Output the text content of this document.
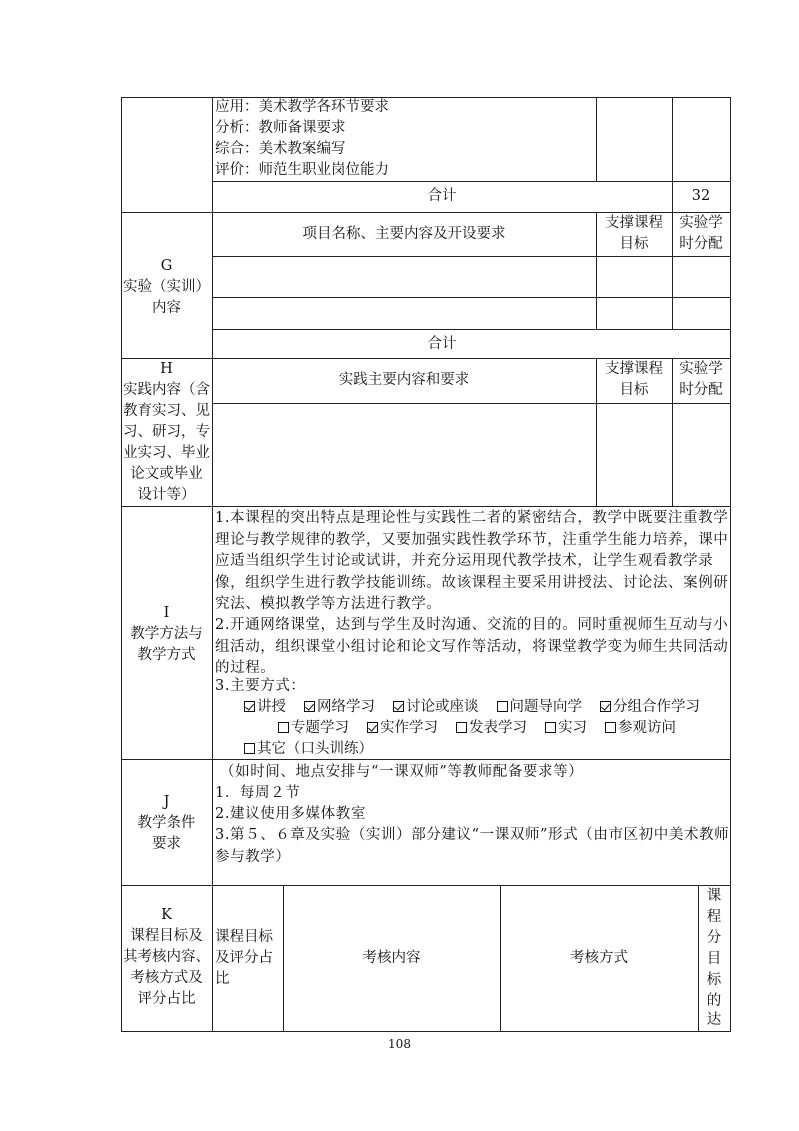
应用：美术教学各环节要求
分析：教师备课要求
综合：美术教案编写
评价：师范生职业岗位能力
合计	32
G
实验（实训）
内容
项目名称、主要内容及开设要求
支撑课程
目标
实验学
时分配
合计
H
实践内容（含
教育实习、见
习、研习，专
业实习、毕业
论文或毕业
设计等）
实践主要内容和要求
支撑课程
目标
实验学
时分配
I
教学方法与
教学方式
1.本课程的突出特点是理论性与实践性二者的紧密结合，教学中既要注重教学理论与教学规律的教学，又要加强实践性教学环节，注重学生能力培养，课中应适当组织学生讨论或试讲，并充分运用现代教学技术，让学生观看教学录像，组织学生进行教学技能训练。故该课程主要采用讲授法、讨论法、案例研究法、模拟教学等方法进行教学。
2.开通网络课堂，达到与学生及时沟通、交流的目的。同时重视师生互动与小组活动，组织课堂小组讨论和论文写作等活动，将课堂教学变为师生共同活动的过程。
3.主要方式：
讲授 网络学习 讨论或座谈 问题导向学 分组合作学习
专题学习 实作学习 发表学习 实习 参观访问
其它（口头训练）
J
教学条件
要求
（如时间、地点安排与“一课双师”等教师配备要求等）
1．每周２节
2.建议使用多媒体教室
3.第５、６章及实验（实训）部分建议“一课双师”形式（由市区初中美术教师参与教学）
K
课程目标及
其考核内容、
考核方式及
评分占比
课程目标
及评分占
比
考核内容	考核方式
课
程
分
目
标
的
达
108
